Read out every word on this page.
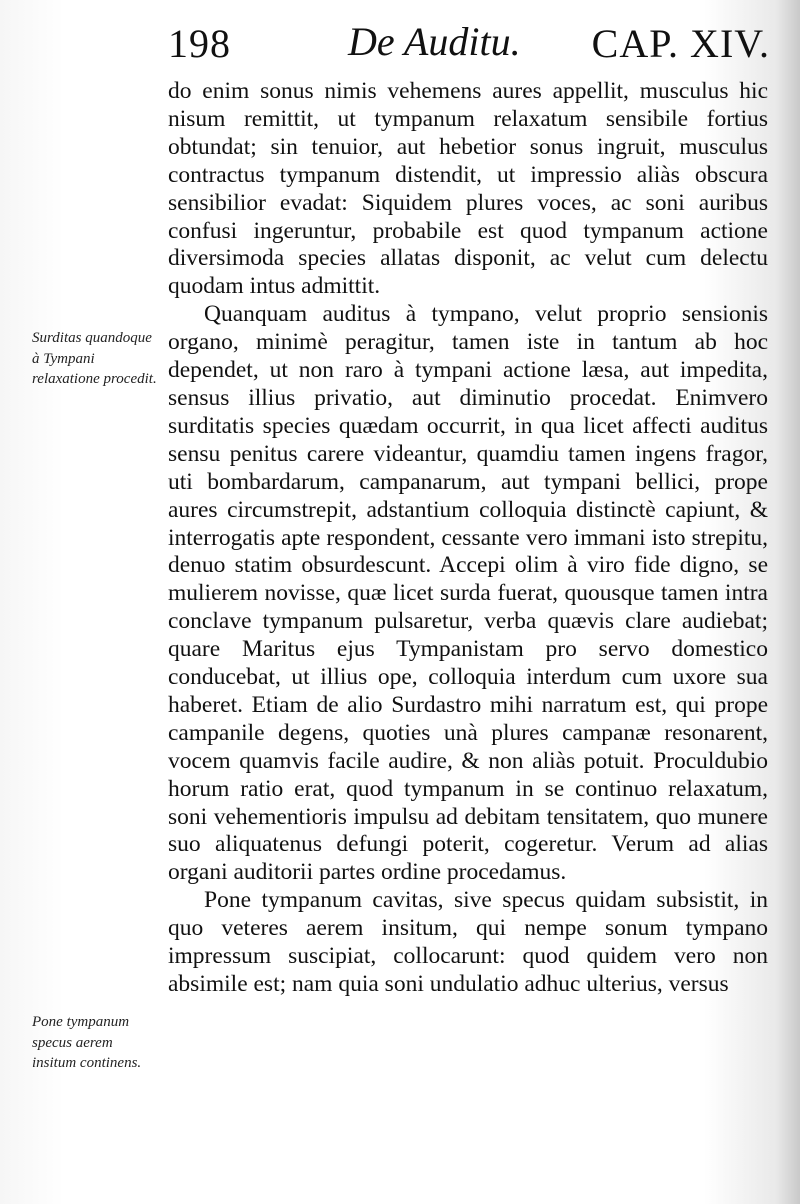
198	De Auditu. CAP. XIV.
Surditas quandoque à Tympani relaxatione procedit.
Pone tympanum specus aerem insitum continens.

do enim sonus nimis vehemens aures appellit, musculus hic nisum remittit, ut tympanum relaxatum sensibile fortius obtundat; sin tenuior, aut hebetior sonus ingruit, musculus contractus tympanum distendit, ut impressio aliàs obscura sensibilior evadat: Siquidem plures voces, ac soni auribus confusi ingeruntur, probabile est quod tympanum actione diversimoda species allatas disponit, ac velut cum delectu quodam intus admittit.

Quanquam auditus à tympano, velut proprio sensionis organo, minimè peragitur, tamen iste in tantum ab hoc dependet, ut non raro à tympani actione læsa, aut impedita, sensus illius privatio, aut diminutio procedat. Enimvero surditatis species quædam occurrit, in qua licet affecti auditus sensu penitus carere videantur, quamdiu tamen ingens fragor, uti bombardarum, campanarum, aut tympani bellici, prope aures circumstrepit, adstantium colloquia distinctè capiunt, & interrogatis apte respondent, cessante vero immani isto strepitu, denuo statim obsurdescunt. Accepi olim à viro fide digno, se mulierem novisse, quæ licet surda fuerat, quousque tamen intra conclave tympanum pulsaretur, verba quævis clare audiebat; quare Maritus ejus Tympanistam pro servo domestico conducebat, ut illius ope, colloquia interdum cum uxore sua haberet. Etiam de alio Surdastro mihi narratum est, qui prope campanile degens, quoties unà plures campanæ resonarent, vocem quamvis facile audire, & non aliàs potuit. Proculdubio horum ratio erat, quod tympanum in se continuo relaxatum, soni vehementioris impulsu ad debitam tensitatem, quo munere suo aliquatenus defungi poterit, cogeretur. Verum ad alias organi auditorii partes ordine procedamus.

Pone tympanum cavitas, sive specus quidam subsistit, in quo veteres aerem insitum, qui nempe sonum tympano impressum suscipiat, collocarunt: quod quidem vero non absimile est; nam quia soni undulatio adhuc ulterius, versus
